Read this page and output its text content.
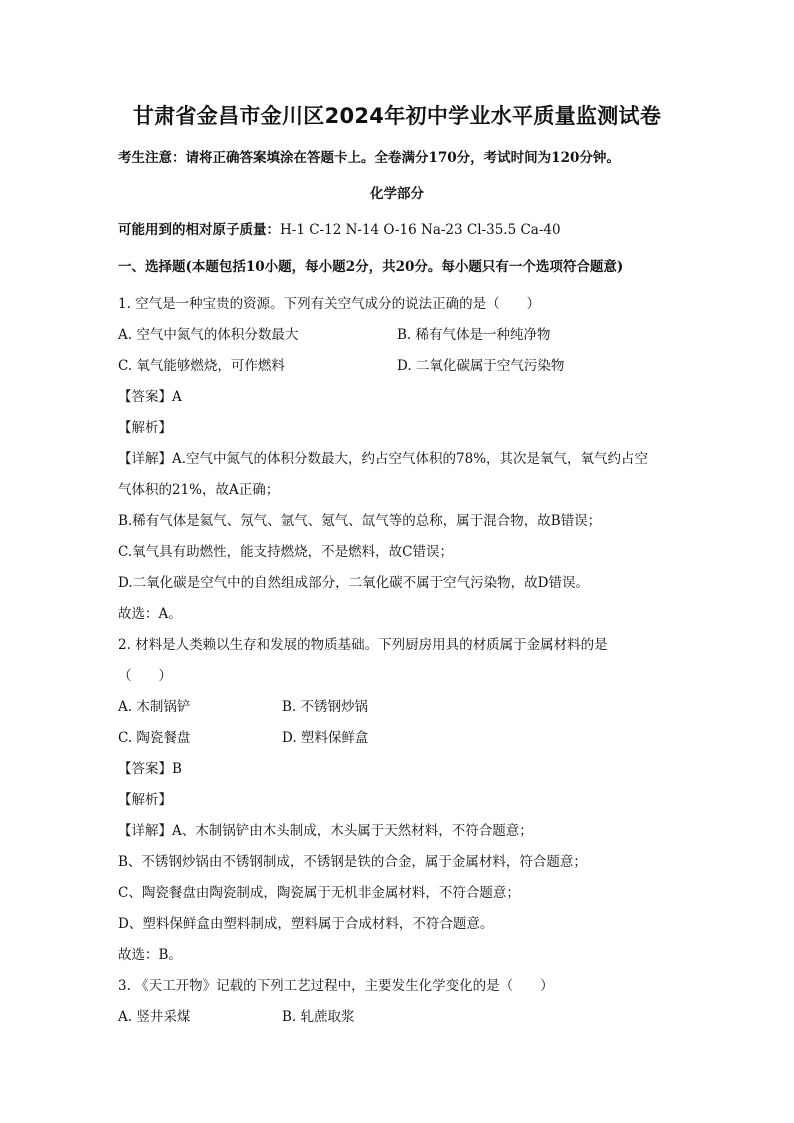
甘肃省金昌市金川区2024年初中学业水平质量监测试卷
考生注意：请将正确答案填涂在答题卡上。全卷满分170分，考试时间为120分钟。
化学部分
可能用到的相对原子质量：H-1 C-12 N-14 O-16 Na-23 Cl-35.5 Ca-40
一、选择题(本题包括10小题，每小题2分，共20分。每小题只有一个选项符合题意)
1. 空气是一种宝贵的资源。下列有关空气成分的说法正确的是（　　）
A. 空气中氮气的体积分数最大	B. 稀有气体是一种纯净物
C. 氧气能够燃烧，可作燃料	D. 二氧化碳属于空气污染物
【答案】A
【解析】
【详解】A.空气中氮气的体积分数最大，约占空气体积的78%，其次是氧气，氧气约占空
气体积的21%，故A正确；
B.稀有气体是氦气、氖气、氩气、氪气、氙气等的总称，属于混合物，故B错误；
C.氧气具有助燃性，能支持燃烧，不是燃料，故C错误；
D.二氧化碳是空气中的自然组成部分，二氧化碳不属于空气污染物，故D错误。
故选：A。
2. 材料是人类赖以生存和发展的物质基础。下列厨房用具的材质属于金属材料的是
（　　）
A. 木制锅铲	B. 不锈钢炒锅
C. 陶瓷餐盘	D. 塑料保鲜盒
【答案】B
【解析】
【详解】A、木制锅铲由木头制成，木头属于天然材料，不符合题意；
B、不锈钢炒锅由不锈钢制成，不锈钢是铁的合金，属于金属材料，符合题意；
C、陶瓷餐盘由陶瓷制成，陶瓷属于无机非金属材料，不符合题意；
D、塑料保鲜盒由塑料制成，塑料属于合成材料，不符合题意。
故选：B。
3. 《天工开物》记载的下列工艺过程中，主要发生化学变化的是（　　）
A. 竖井采煤	B. 轧蔗取浆
